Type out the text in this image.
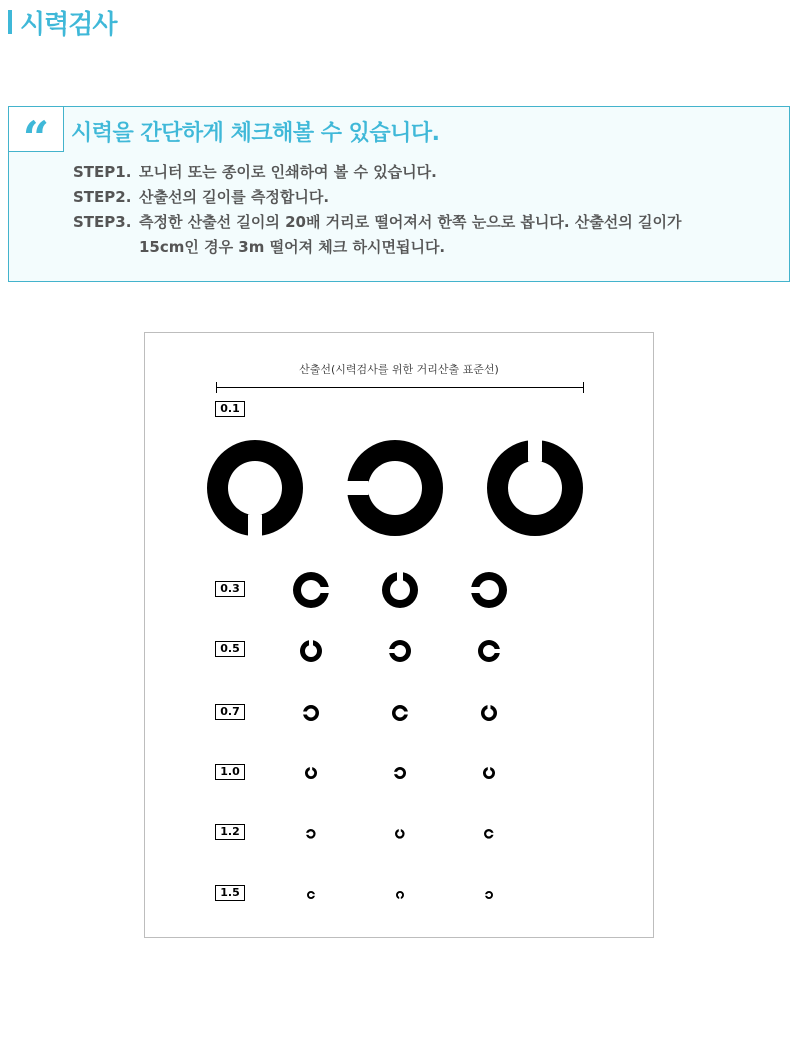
시력검사
“ 시력을 간단하게 체크해볼 수 있습니다.
STEP1. 모니터 또는 종이로 인쇄하여 볼 수 있습니다.
STEP2. 산출선의 길이를 측정합니다.
STEP3. 측정한 산출선 길이의 20배 거리로 떨어져서 한쪽 눈으로 봅니다. 산출선의 길이가
15cm인 경우 3m 떨어져 체크 하시면됩니다.
산출선(시력검사를 위한 거리산출 표준선)
0.1
0.3
0.5
0.7
1.0
1.2
1.5
